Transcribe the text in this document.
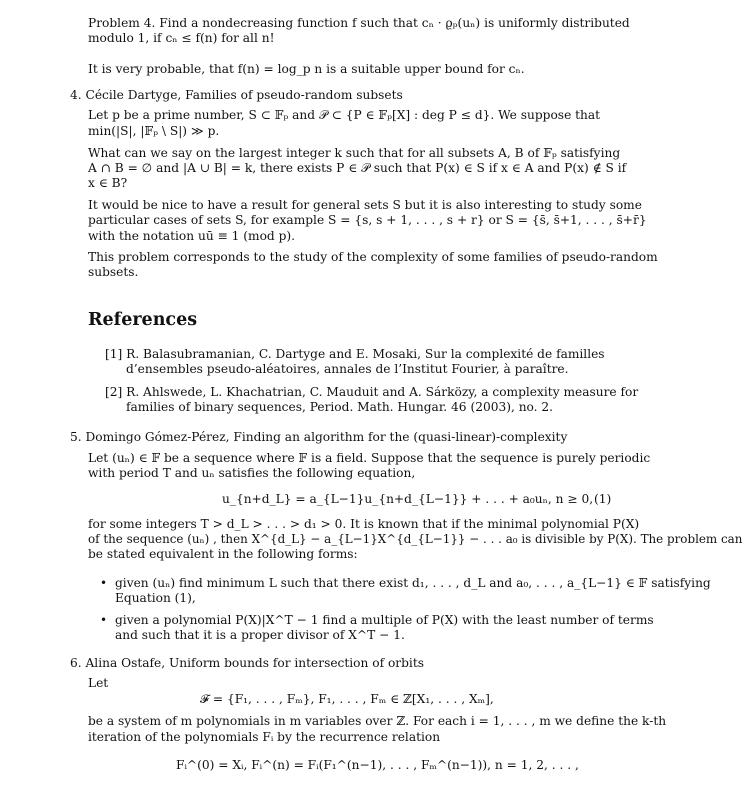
Problem 4. Find a nondecreasing function f such that cₙ · ϱₚ(uₙ) is uniformly distributed
modulo 1, if cₙ ≤ f(n) for all n!
It is very probable, that f(n) = log_p n is a suitable upper bound for cₙ.
4. Cécile Dartyge, Families of pseudo-random subsets
Let p be a prime number, S ⊂ 𝔽ₚ and 𝒫 ⊂ {P ∈ 𝔽ₚ[X] : deg P ≤ d}. We suppose that
min(|S|, |𝔽ₚ \ S|) ≫ p.
What can we say on the largest integer k such that for all subsets A, B of 𝔽ₚ satisfying
A ∩ B = ∅ and |A ∪ B| = k, there exists P ∈ 𝒫 such that P(x) ∈ S if x ∈ A and P(x) ∉ S if
x ∈ B?
It would be nice to have a result for general sets S but it is also interesting to study some
particular cases of sets S, for example S = {s, s + 1, . . . , s + r} or S = {s̄, s̄+1, . . . , s̄+r̄}
with the notation uū ≡ 1 (mod p).
This problem corresponds to the study of the complexity of some families of pseudo-random
subsets.
References
[1] R. Balasubramanian, C. Dartyge and E. Mosaki, Sur la complexité de familles
d’ensembles pseudo-aléatoires, annales de l’Institut Fourier, à paraître.
[2] R. Ahlswede, L. Khachatrian, C. Mauduit and A. Sárközy, a complexity measure for
families of binary sequences, Period. Math. Hungar. 46 (2003), no. 2.
5. Domingo Gómez-Pérez, Finding an algorithm for the (quasi-linear)-complexity
Let (uₙ) ∈ 𝔽 be a sequence where 𝔽 is a field. Suppose that the sequence is purely periodic
with period T and uₙ satisfies the following equation,
u_{n+d_L} = a_{L−1}u_{n+d_{L−1}} + . . . + a₀uₙ, n ≥ 0, (1)
for some integers T > d_L > . . . > d₁ > 0. It is known that if the minimal polynomial P(X)
of the sequence (uₙ) , then X^{d_L} − a_{L−1}X^{d_{L−1}} − . . . a₀ is divisible by P(X). The problem can
be stated equivalent in the following forms:
• given (uₙ) find minimum L such that there exist d₁, . . . , d_L and a₀, . . . , a_{L−1} ∈ 𝔽 satisfying
Equation (1),
• given a polynomial P(X)|X^T − 1 find a multiple of P(X) with the least number of terms
and such that it is a proper divisor of X^T − 1.
6. Alina Ostafe, Uniform bounds for intersection of orbits
Let
𝓕 = {F₁, . . . , Fₘ}, F₁, . . . , Fₘ ∈ ℤ[X₁, . . . , Xₘ],
be a system of m polynomials in m variables over ℤ. For each i = 1, . . . , m we define the k-th
iteration of the polynomials Fᵢ by the recurrence relation
Fᵢ^(0) = Xᵢ, Fᵢ^(n) = Fᵢ(F₁^(n−1), . . . , Fₘ^(n−1)), n = 1, 2, . . . ,
